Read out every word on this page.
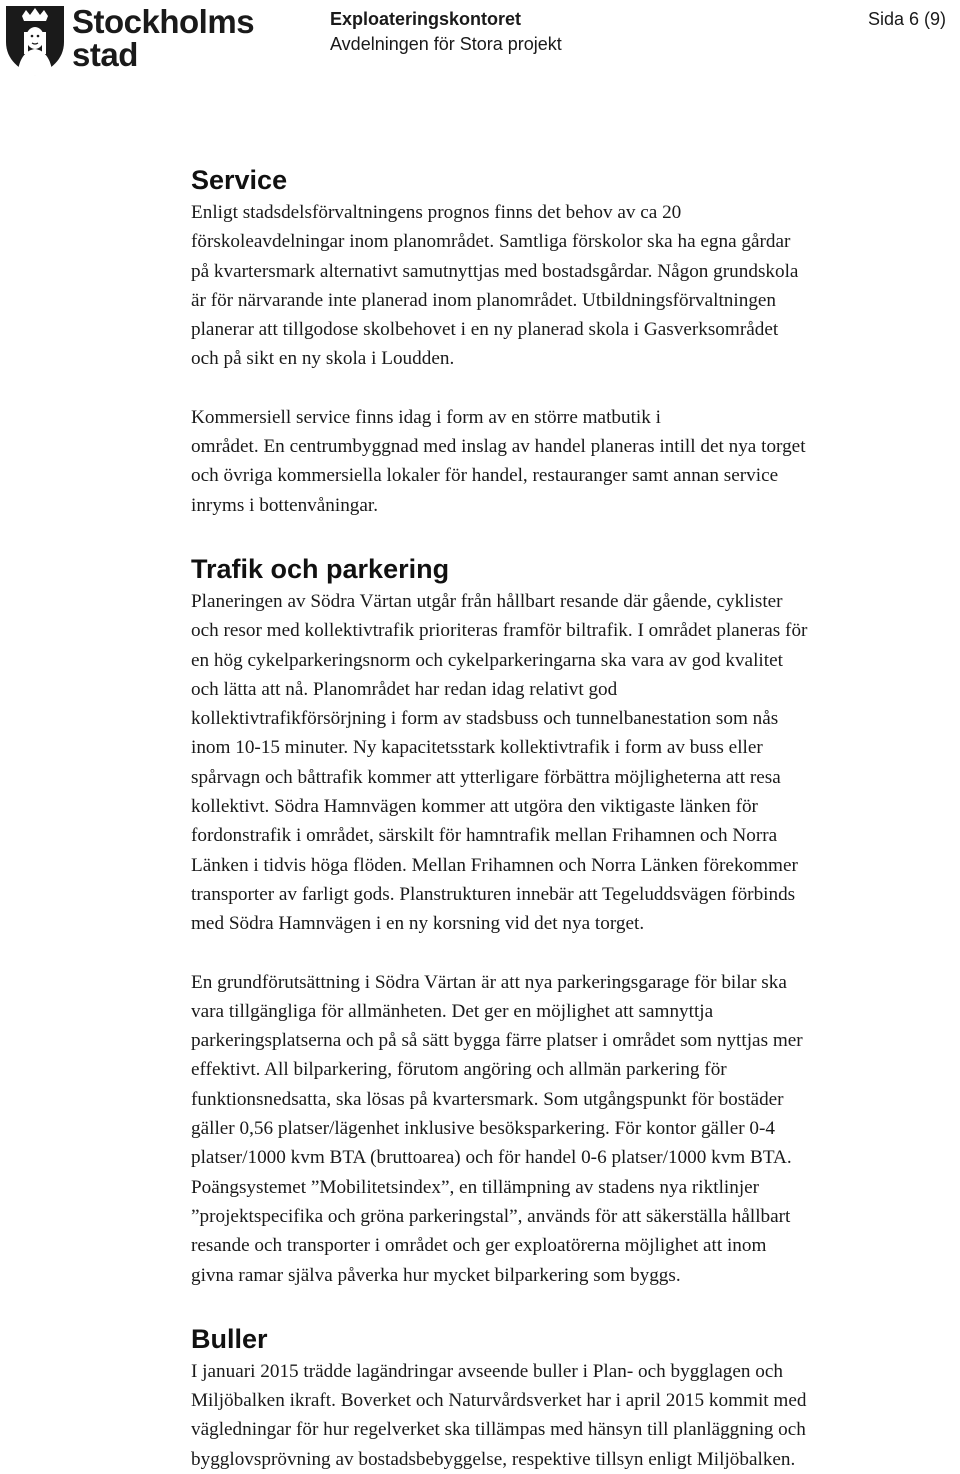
Stockholms
stad
Exploateringskontoret
Avdelningen för Stora projekt
Sida 6 (9)
Service

Enligt stadsdelsförvaltningens prognos finns det behov av ca 20
förskoleavdelningar inom planområdet. Samtliga förskolor ska ha egna gårdar
på kvartersmark alternativt samutnyttjas med bostadsgårdar. Någon grundskola
är för närvarande inte planerad inom planområdet. Utbildningsförvaltningen
planerar att tillgodose skolbehovet i en ny planerad skola i Gasverksområdet
och på sikt en ny skola i Loudden.

Kommersiell service finns idag i form av en större matbutik i
området. En centrumbyggnad med inslag av handel planeras intill det nya torget
och övriga kommersiella lokaler för handel, restauranger samt annan service
inryms i bottenvåningar.

Trafik och parkering

Planeringen av Södra Värtan utgår från hållbart resande där gående, cyklister
och resor med kollektivtrafik prioriteras framför biltrafik. I området planeras för
en hög cykelparkeringsnorm och cykelparkeringarna ska vara av god kvalitet
och lätta att nå. Planområdet har redan idag relativt god
kollektivtrafikförsörjning i form av stadsbuss och tunnelbanestation som nås
inom 10-15 minuter. Ny kapacitetsstark kollektivtrafik i form av buss eller
spårvagn och båttrafik kommer att ytterligare förbättra möjligheterna att resa
kollektivt. Södra Hamnvägen kommer att utgöra den viktigaste länken för
fordonstrafik i området, särskilt för hamntrafik mellan Frihamnen och Norra
Länken i tidvis höga flöden. Mellan Frihamnen och Norra Länken förekommer
transporter av farligt gods. Planstrukturen innebär att Tegeluddsvägen förbinds
med Södra Hamnvägen i en ny korsning vid det nya torget.

En grundförutsättning i Södra Värtan är att nya parkeringsgarage för bilar ska
vara tillgängliga för allmänheten. Det ger en möjlighet att samnyttja
parkeringsplatserna och på så sätt bygga färre platser i området som nyttjas mer
effektivt. All bilparkering, förutom angöring och allmän parkering för
funktionsnedsatta, ska lösas på kvartersmark. Som utgångspunkt för bostäder
gäller 0,56 platser/lägenhet inklusive besöksparkering. För kontor gäller 0-4
platser/1000 kvm BTA (bruttoarea) och för handel 0-6 platser/1000 kvm BTA.
Poängsystemet ”Mobilitetsindex”, en tillämpning av stadens nya riktlinjer
”projektspecifika och gröna parkeringstal”, används för att säkerställa hållbart
resande och transporter i området och ger exploatörerna möjlighet att inom
givna ramar själva påverka hur mycket bilparkering som byggs.

Buller

I januari 2015 trädde lagändringar avseende buller i Plan- och bygglagen och
Miljöbalken ikraft. Boverket och Naturvårdsverket har i april 2015 kommit med
vägledningar för hur regelverket ska tillämpas med hänsyn till planläggning och
bygglovsprövning av bostadsbebyggelse, respektive tillsyn enligt Miljöbalken.
